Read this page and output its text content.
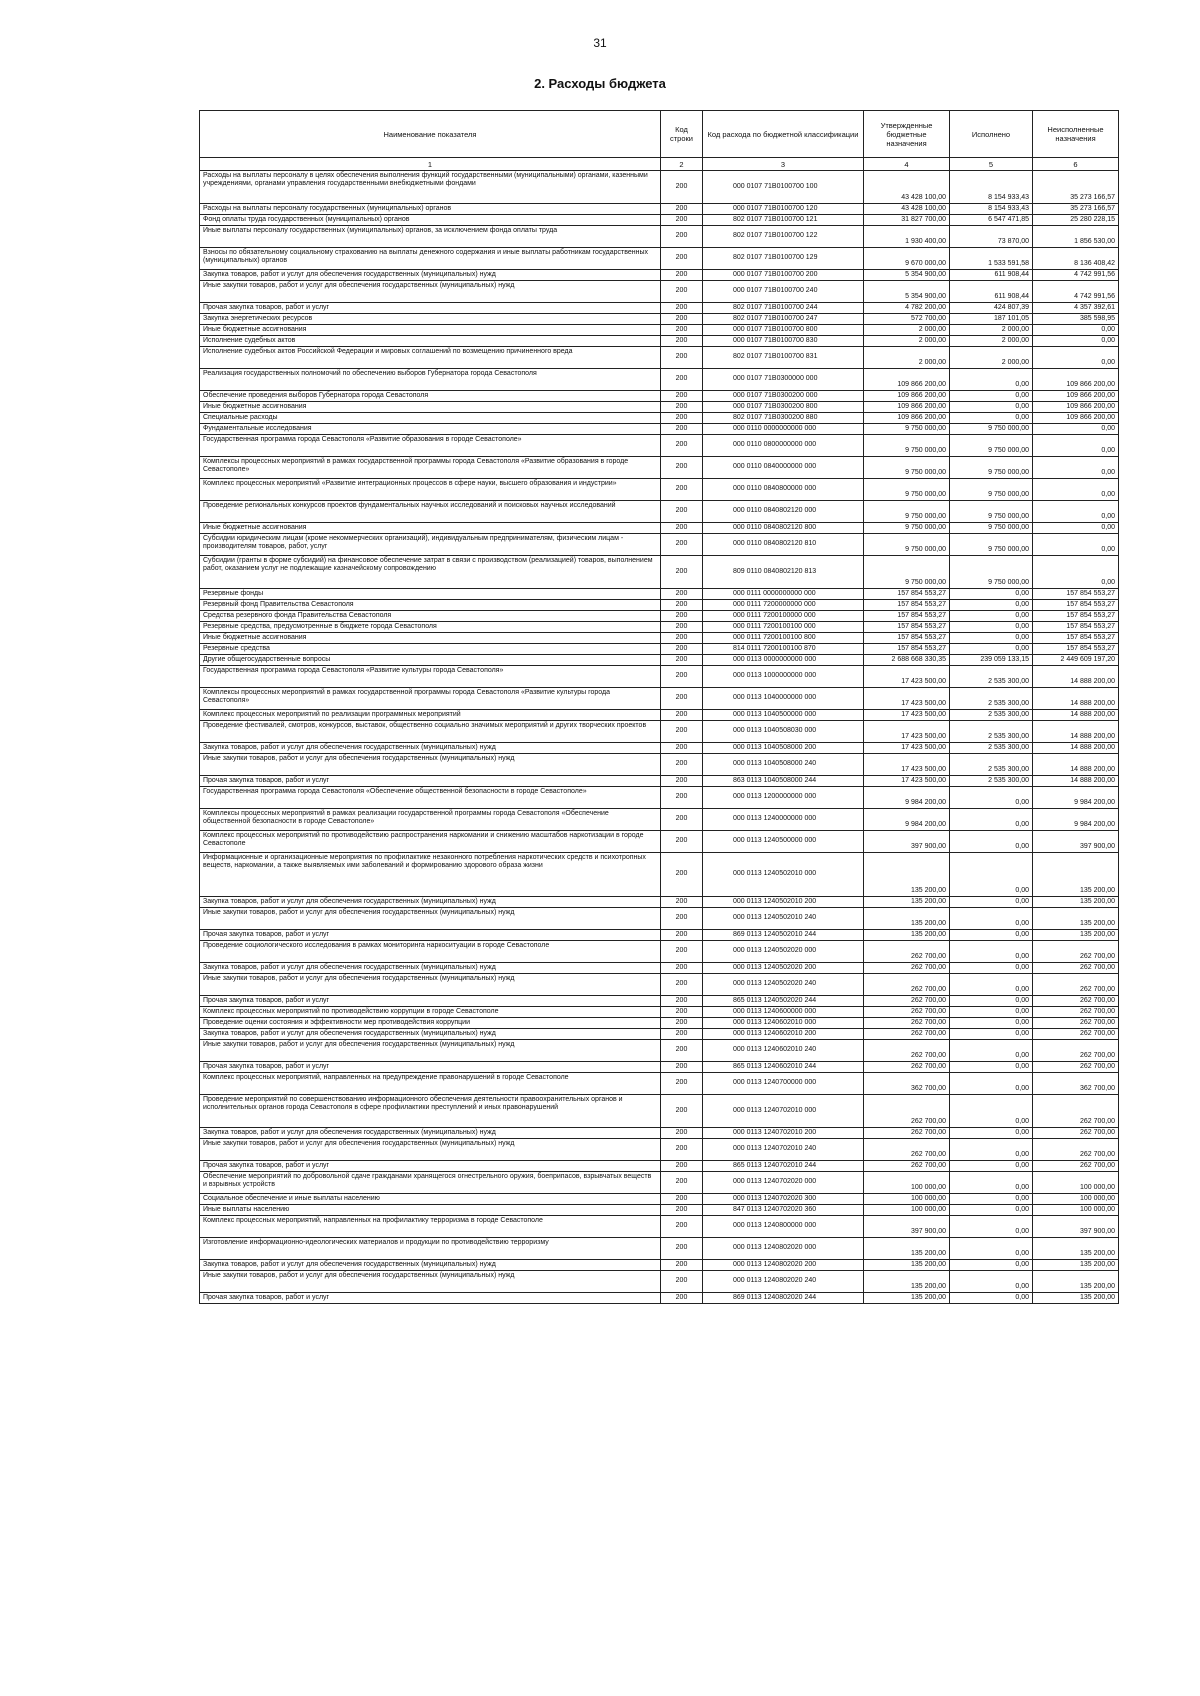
31
2. Расходы бюджета
Наименование показателя	Код строки	Код расхода по бюджетной классификации	Утвержденные бюджетные назначения	Исполнено	Неисполненные назначения
1	2	3	4	5	6
Расходы на выплаты персоналу в целях обеспечения выполнения функций государственными (муниципальными) органами, казенными учреждениями, органами управления государственными внебюджетными фондами	200	000 0107 71В0100700 100	43 428 100,00	8 154 933,43	35 273 166,57
Расходы на выплаты персоналу государственных (муниципальных) органов	200	000 0107 71В0100700 120	43 428 100,00	8 154 933,43	35 273 166,57
Фонд оплаты труда государственных (муниципальных) органов	200	802 0107 71В0100700 121	31 827 700,00	6 547 471,85	25 280 228,15
Иные выплаты персоналу государственных (муниципальных) органов, за исключением фонда оплаты труда	200	802 0107 71В0100700 122	1 930 400,00	73 870,00	1 856 530,00
Взносы по обязательному социальному страхованию на выплаты денежного содержания и иные выплаты работникам государственных (муниципальных) органов	200	802 0107 71В0100700 129	9 670 000,00	1 533 591,58	8 136 408,42
Закупка товаров, работ и услуг для обеспечения государственных (муниципальных) нужд	200	000 0107 71В0100700 200	5 354 900,00	611 908,44	4 742 991,56
Иные закупки товаров, работ и услуг для обеспечения государственных (муниципальных) нужд	200	000 0107 71В0100700 240	5 354 900,00	611 908,44	4 742 991,56
Прочая закупка товаров, работ и услуг	200	802 0107 71В0100700 244	4 782 200,00	424 807,39	4 357 392,61
Закупка энергетических ресурсов	200	802 0107 71В0100700 247	572 700,00	187 101,05	385 598,95
Иные бюджетные ассигнования	200	000 0107 71В0100700 800	2 000,00	2 000,00	0,00
Исполнение судебных актов	200	000 0107 71В0100700 830	2 000,00	2 000,00	0,00
Исполнение судебных актов Российской Федерации и мировых соглашений по возмещению причиненного вреда	200	802 0107 71В0100700 831	2 000,00	2 000,00	0,00
Реализация государственных полномочий по обеспечению выборов Губернатора города Севастополя	200	000 0107 71В0300000 000	109 866 200,00	0,00	109 866 200,00
Обеспечение проведения выборов Губернатора города Севастополя	200	000 0107 71В0300200 000	109 866 200,00	0,00	109 866 200,00
Иные бюджетные ассигнования	200	000 0107 71В0300200 800	109 866 200,00	0,00	109 866 200,00
Специальные расходы	200	802 0107 71В0300200 880	109 866 200,00	0,00	109 866 200,00
Фундаментальные исследования	200	000 0110 0000000000 000	9 750 000,00	9 750 000,00	0,00
Государственная программа города Севастополя «Развитие образования в городе Севастополе»	200	000 0110 0800000000 000	9 750 000,00	9 750 000,00	0,00
Комплексы процессных мероприятий в рамках государственной программы города Севастополя «Развитие образования в городе Севастополе»	200	000 0110 0840000000 000	9 750 000,00	9 750 000,00	0,00
Комплекс процессных мероприятий «Развитие интеграционных процессов в сфере науки, высшего образования и индустрии»	200	000 0110 0840800000 000	9 750 000,00	9 750 000,00	0,00
Проведение региональных конкурсов проектов фундаментальных научных исследований и поисковых научных исследований	200	000 0110 0840802120 000	9 750 000,00	9 750 000,00	0,00
Иные бюджетные ассигнования	200	000 0110 0840802120 800	9 750 000,00	9 750 000,00	0,00
Субсидии юридическим лицам (кроме некоммерческих организаций), индивидуальным предпринимателям, физическим лицам - производителям товаров, работ, услуг	200	000 0110 0840802120 810	9 750 000,00	9 750 000,00	0,00
Субсидии (гранты в форме субсидий) на финансовое обеспечение затрат в связи с производством (реализацией) товаров, выполнением работ, оказанием услуг не подлежащие казначейскому сопровождению	200	809 0110 0840802120 813	9 750 000,00	9 750 000,00	0,00
Резервные фонды	200	000 0111 0000000000 000	157 854 553,27	0,00	157 854 553,27
Резервный фонд Правительства Севастополя	200	000 0111 7200000000 000	157 854 553,27	0,00	157 854 553,27
Средства резервного фонда Правительства Севастополя	200	000 0111 7200100000 000	157 854 553,27	0,00	157 854 553,27
Резервные средства, предусмотренные в бюджете города Севастополя	200	000 0111 7200100100 000	157 854 553,27	0,00	157 854 553,27
Иные бюджетные ассигнования	200	000 0111 7200100100 800	157 854 553,27	0,00	157 854 553,27
Резервные средства	200	814 0111 7200100100 870	157 854 553,27	0,00	157 854 553,27
Другие общегосударственные вопросы	200	000 0113 0000000000 000	2 688 668 330,35	239 059 133,15	2 449 609 197,20
Государственная программа города Севастополя «Развитие культуры города Севастополя»	200	000 0113 1000000000 000	17 423 500,00	2 535 300,00	14 888 200,00
Комплексы процессных мероприятий в рамках государственной программы города Севастополя «Развитие культуры города Севастополя»	200	000 0113 1040000000 000	17 423 500,00	2 535 300,00	14 888 200,00
Комплекс процессных мероприятий по реализации программных мероприятий	200	000 0113 1040500000 000	17 423 500,00	2 535 300,00	14 888 200,00
Проведение фестивалей, смотров, конкурсов, выставок, общественно социально значимых мероприятий и других творческих проектов	200	000 0113 1040508030 000	17 423 500,00	2 535 300,00	14 888 200,00
Закупка товаров, работ и услуг для обеспечения государственных (муниципальных) нужд	200	000 0113 1040508000 200	17 423 500,00	2 535 300,00	14 888 200,00
Иные закупки товаров, работ и услуг для обеспечения государственных (муниципальных) нужд	200	000 0113 1040508000 240	17 423 500,00	2 535 300,00	14 888 200,00
Прочая закупка товаров, работ и услуг	200	863 0113 1040508000 244	17 423 500,00	2 535 300,00	14 888 200,00
Государственная программа города Севастополя «Обеспечение общественной безопасности в городе Севастополе»	200	000 0113 1200000000 000	9 984 200,00	0,00	9 984 200,00
Комплексы процессных мероприятий в рамках реализации государственной программы города Севастополя «Обеспечение общественной безопасности в городе Севастополе»	200	000 0113 1240000000 000	9 984 200,00	0,00	9 984 200,00
Комплекс процессных мероприятий по противодействию распространения наркомании и снижению масштабов наркотизации в городе Севастополе	200	000 0113 1240500000 000	397 900,00	0,00	397 900,00
Информационные и организационные мероприятия по профилактике незаконного потребления наркотических средств и психотропных веществ, наркомании, а также выявляемых ими заболеваний и формированию здорового образа жизни	200	000 0113 1240502010 000	135 200,00	0,00	135 200,00
Закупка товаров, работ и услуг для обеспечения государственных (муниципальных) нужд	200	000 0113 1240502010 200	135 200,00	0,00	135 200,00
Иные закупки товаров, работ и услуг для обеспечения государственных (муниципальных) нужд	200	000 0113 1240502010 240	135 200,00	0,00	135 200,00
Прочая закупка товаров, работ и услуг	200	869 0113 1240502010 244	135 200,00	0,00	135 200,00
Проведение социологического исследования в рамках мониторинга наркоситуации в городе Севастополе	200	000 0113 1240502020 000	262 700,00	0,00	262 700,00
Закупка товаров, работ и услуг для обеспечения государственных (муниципальных) нужд	200	000 0113 1240502020 200	262 700,00	0,00	262 700,00
Иные закупки товаров, работ и услуг для обеспечения государственных (муниципальных) нужд	200	000 0113 1240502020 240	262 700,00	0,00	262 700,00
Прочая закупка товаров, работ и услуг	200	865 0113 1240502020 244	262 700,00	0,00	262 700,00
Комплекс процессных мероприятий по противодействию коррупции в городе Севастополе	200	000 0113 1240600000 000	262 700,00	0,00	262 700,00
Проведение оценки состояния и эффективности мер противодействия коррупции	200	000 0113 1240602010 000	262 700,00	0,00	262 700,00
Закупка товаров, работ и услуг для обеспечения государственных (муниципальных) нужд	200	000 0113 1240602010 200	262 700,00	0,00	262 700,00
Иные закупки товаров, работ и услуг для обеспечения государственных (муниципальных) нужд	200	000 0113 1240602010 240	262 700,00	0,00	262 700,00
Прочая закупка товаров, работ и услуг	200	865 0113 1240602010 244	262 700,00	0,00	262 700,00
Комплекс процессных мероприятий, направленных на предупреждение правонарушений в городе Севастополе	200	000 0113 1240700000 000	362 700,00	0,00	362 700,00
Проведение мероприятий по совершенствованию информационного обеспечения деятельности правоохранительных органов и исполнительных органов города Севастополя в сфере профилактики преступлений и иных правонарушений	200	000 0113 1240702010 000	262 700,00	0,00	262 700,00
Закупка товаров, работ и услуг для обеспечения государственных (муниципальных) нужд	200	000 0113 1240702010 200	262 700,00	0,00	262 700,00
Иные закупки товаров, работ и услуг для обеспечения государственных (муниципальных) нужд	200	000 0113 1240702010 240	262 700,00	0,00	262 700,00
Прочая закупка товаров, работ и услуг	200	865 0113 1240702010 244	262 700,00	0,00	262 700,00
Обеспечение мероприятий по добровольной сдаче гражданами хранящегося огнестрельного оружия, боеприпасов, взрывчатых веществ и взрывных устройств	200	000 0113 1240702020 000	100 000,00	0,00	100 000,00
Социальное обеспечение и иные выплаты населению	200	000 0113 1240702020 300	100 000,00	0,00	100 000,00
Иные выплаты населению	200	847 0113 1240702020 360	100 000,00	0,00	100 000,00
Комплекс процессных мероприятий, направленных на профилактику терроризма в городе Севастополе	200	000 0113 1240800000 000	397 900,00	0,00	397 900,00
Изготовление информационно-идеологических материалов и продукции по противодействию терроризму	200	000 0113 1240802020 000	135 200,00	0,00	135 200,00
Закупка товаров, работ и услуг для обеспечения государственных (муниципальных) нужд	200	000 0113 1240802020 200	135 200,00	0,00	135 200,00
Иные закупки товаров, работ и услуг для обеспечения государственных (муниципальных) нужд	200	000 0113 1240802020 240	135 200,00	0,00	135 200,00
Прочая закупка товаров, работ и услуг	200	869 0113 1240802020 244	135 200,00	0,00	135 200,00
